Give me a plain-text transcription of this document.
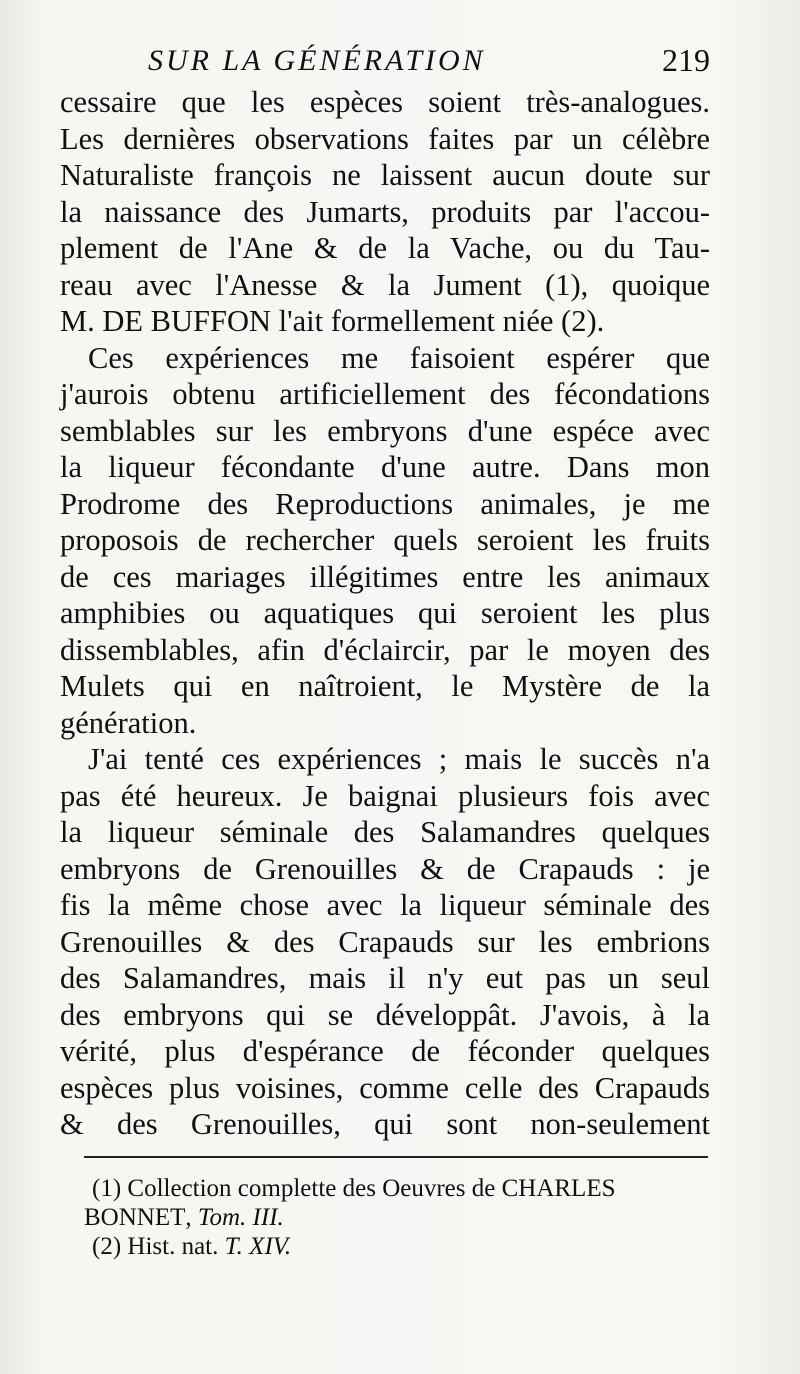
SUR LA GÉNÉRATION	219

cessaire que les espèces soient très-analogues.
Les dernières observations faites par un célèbre
Naturaliste françois ne laissent aucun doute sur
la naissance des Jumarts, produits par l'accou-
plement de l'Ane & de la Vache, ou du Tau-
reau avec l'Anesse & la Jument (1), quoique
M. DE BUFFON l'ait formellement niée (2).

Ces expériences me faisoient espérer que
j'aurois obtenu artificiellement des fécondations
semblables sur les embryons d'une espéce avec
la liqueur fécondante d'une autre. Dans mon
Prodrome des Reproductions animales, je me
proposois de rechercher quels seroient les fruits
de ces mariages illégitimes entre les animaux
amphibies ou aquatiques qui seroient les plus
dissemblables, afin d'éclaircir, par le moyen des
Mulets qui en naîtroient, le Mystère de la
génération.

J'ai tenté ces expériences ; mais le succès n'a
pas été heureux. Je baignai plusieurs fois avec
la liqueur séminale des Salamandres quelques
embryons de Grenouilles & de Crapauds : je
fis la même chose avec la liqueur séminale des
Grenouilles & des Crapauds sur les embrions
des Salamandres, mais il n'y eut pas un seul
des embryons qui se développât. J'avois, à la
vérité, plus d'espérance de féconder quelques
espèces plus voisines, comme celle des Crapauds
& des Grenouilles, qui sont non-seulement

(1) Collection complette des Oeuvres de CHARLES
BONNET, Tom. III.
(2) Hist. nat. T. XIV.
